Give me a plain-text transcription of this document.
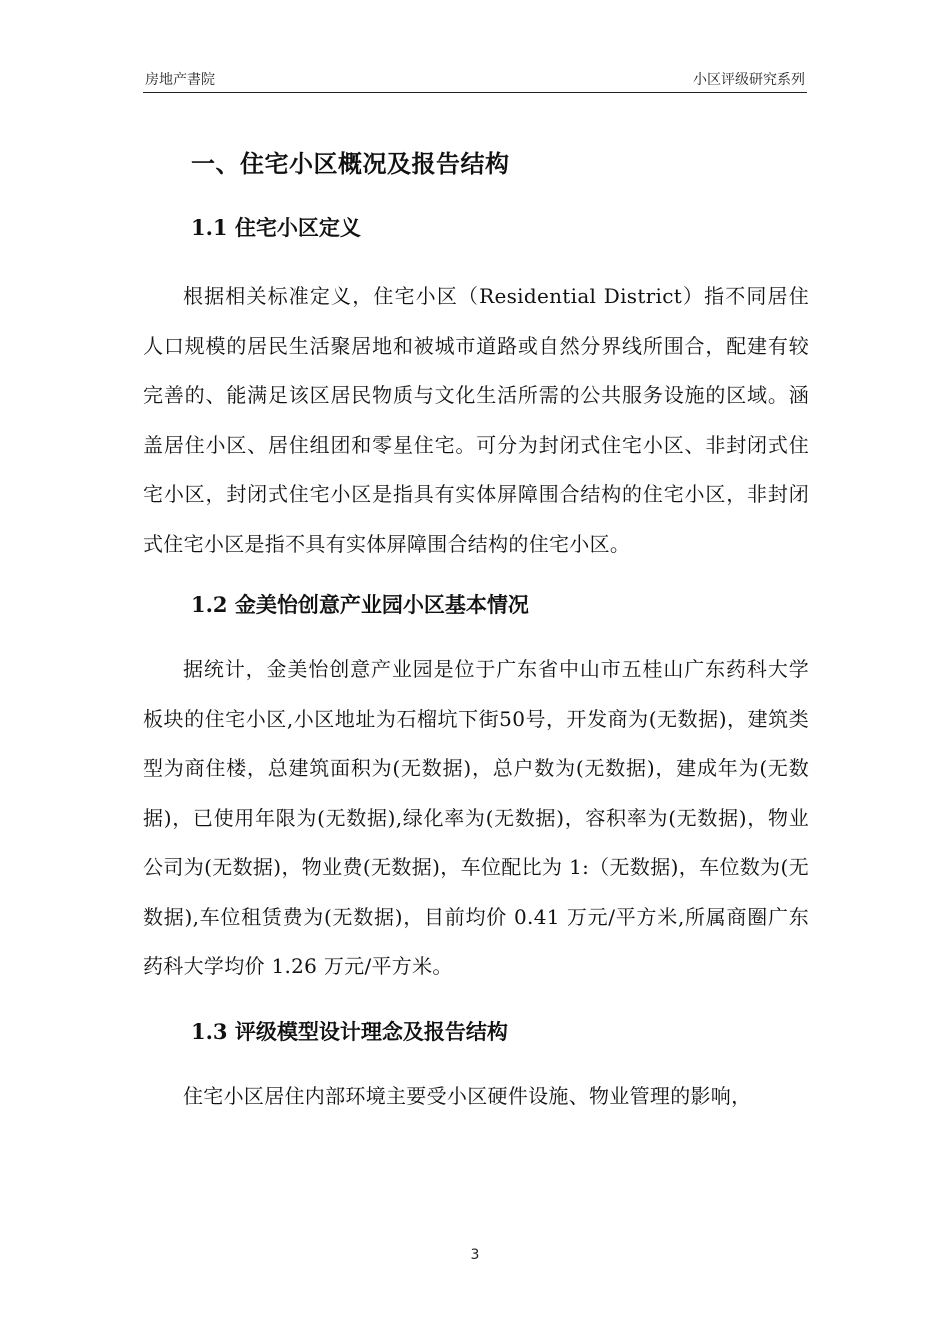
房地产書院	小区评级研究系列
一、住宅小区概况及报告结构
1.1 住宅小区定义

根据相关标准定义，住宅小区（Residential District）指不同居住人口规模的居民生活聚居地和被城市道路或自然分界线所围合，配建有较完善的、能满足该区居民物质与文化生活所需的公共服务设施的区域。涵盖居住小区、居住组团和零星住宅。可分为封闭式住宅小区、非封闭式住宅小区，封闭式住宅小区是指具有实体屏障围合结构的住宅小区，非封闭式住宅小区是指不具有实体屏障围合结构的住宅小区。

1.2 金美怡创意产业园小区基本情况

据统计，金美怡创意产业园是位于广东省中山市五桂山广东药科大学板块的住宅小区,小区地址为石榴坑下街50号，开发商为(无数据)，建筑类型为商住楼，总建筑面积为(无数据)，总户数为(无数据)，建成年为(无数据)，已使用年限为(无数据),绿化率为(无数据)，容积率为(无数据)，物业公司为(无数据)，物业费(无数据)，车位配比为 1:（无数据)，车位数为(无数据),车位租赁费为(无数据)，目前均价 0.41 万元/平方米,所属商圈广东药科大学均价 1.26 万元/平方米。

1.3 评级模型设计理念及报告结构

住宅小区居住内部环境主要受小区硬件设施、物业管理的影响，

3
